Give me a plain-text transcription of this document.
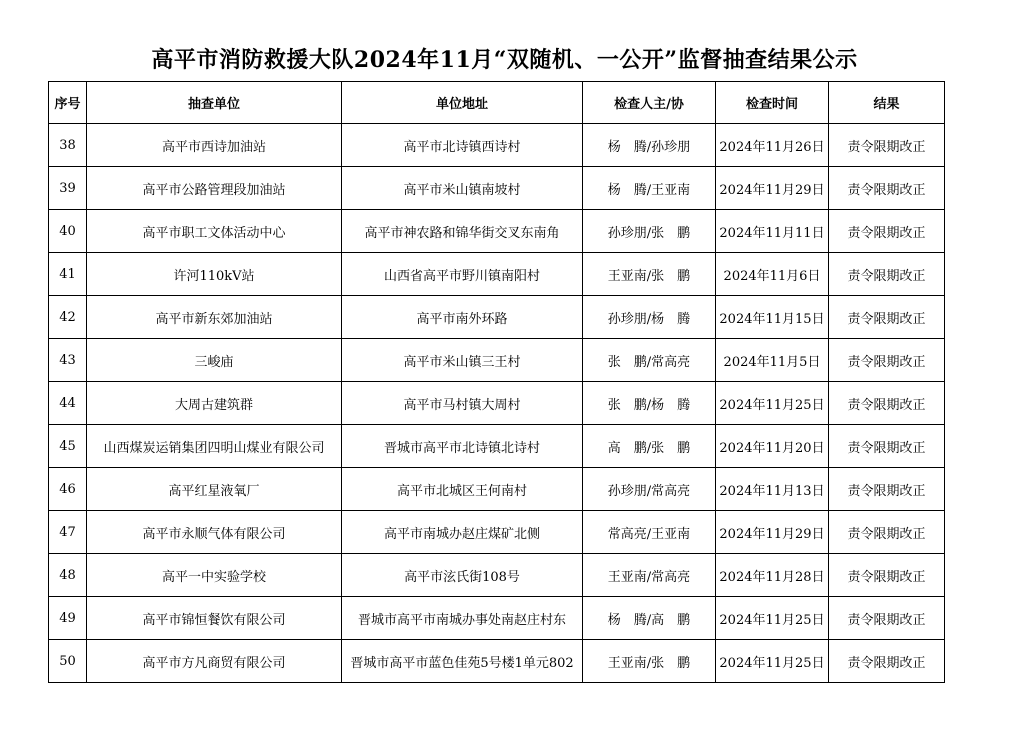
高平市消防救援大队2024年11月“双随机、一公开”监督抽查结果公示
序号	抽查单位	单位地址	检查人主/协	检查时间	结果
38	高平市西诗加油站	高平市北诗镇西诗村	杨　腾/孙珍朋	2024年11月26日	责令限期改正
39	高平市公路管理段加油站	高平市米山镇南坡村	杨　腾/王亚南	2024年11月29日	责令限期改正
40	高平市职工文体活动中心	高平市神农路和锦华街交叉东南角	孙珍朋/张　鹏	2024年11月11日	责令限期改正
41	许河110kV站	山西省高平市野川镇南阳村	王亚南/张　鹏	2024年11月6日	责令限期改正
42	高平市新东郊加油站	高平市南外环路	孙珍朋/杨　腾	2024年11月15日	责令限期改正
43	三峻庙	高平市米山镇三王村	张　鹏/常高亮	2024年11月5日	责令限期改正
44	大周古建筑群	高平市马村镇大周村	张　鹏/杨　腾	2024年11月25日	责令限期改正
45	山西煤炭运销集团四明山煤业有限公司	晋城市高平市北诗镇北诗村	高　鹏/张　鹏	2024年11月20日	责令限期改正
46	高平红星液氧厂	高平市北城区王何南村	孙珍朋/常高亮	2024年11月13日	责令限期改正
47	高平市永顺气体有限公司	高平市南城办赵庄煤矿北侧	常高亮/王亚南	2024年11月29日	责令限期改正
48	高平一中实验学校	高平市泫氏街108号	王亚南/常高亮	2024年11月28日	责令限期改正
49	高平市锦恒餐饮有限公司	晋城市高平市南城办事处南赵庄村东	杨　腾/高　鹏	2024年11月25日	责令限期改正
50	高平市方凡商贸有限公司	晋城市高平市蓝色佳苑5号楼1单元802	王亚南/张　鹏	2024年11月25日	责令限期改正
